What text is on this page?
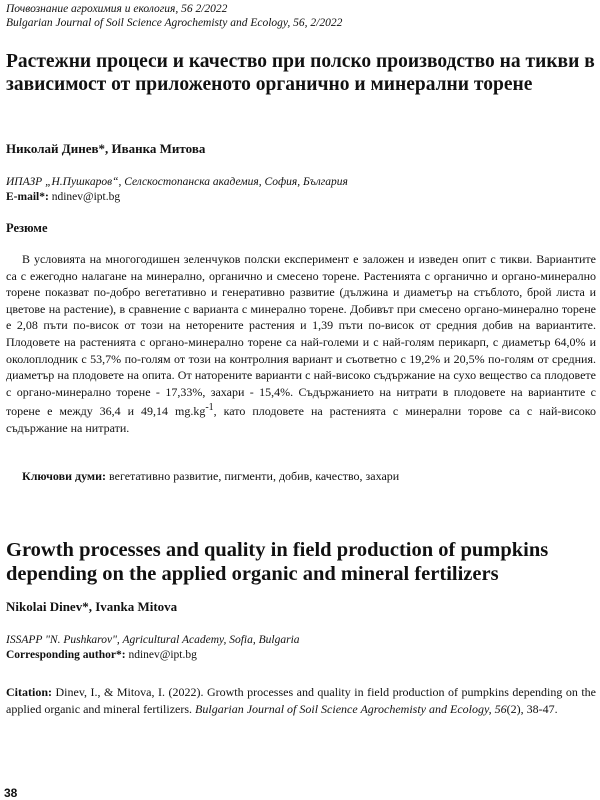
Почвознание агрохимия и екология, 56 2/2022
Bulgarian Journal of Soil Science Agrochemisty and Ecology, 56, 2/2022
Растежни процеси и качество при полско производство на тикви в зависимост от приложеното органично и минерални торене
Николай Динев*, Иванка Митова
ИПАЗР „Н.Пушкаров“, Селскостопанска академия, София, България
E-mail*: ndinev@ipt.bg
Резюме
В условията на многогодишен зеленчуков полски експеримент е заложен и изведен опит с тикви. Вариантите са с ежегодно налагане на минерално, органично и смесено торене. Растенията с органично и органо-минерално торене показват по-добро вегетативно и генеративно развитие (дължина и диаметър на стъблото, брой листа и цветове на растение), в сравнение с варианта с минерално торене. Добивът при смесено органо-минерално торене е 2,08 пъти по-висок от този на неторените растения и 1,39 пъти по-висок от средния добив на вариантите. Плодовете на растенията с органо-минерално торене са най-големи и с най-голям перикарп, с диаметър 64,0% и околоплодник с 53,7% по-голям от този на контролния вариант и съответно с 19,2% и 20,5% по-голям от средния. диаметър на плодовете на опита. От наторените варианти с най-високо съдържание на сухо вещество са плодовете с органо-минерално торене - 17,33%, захари - 15,4%. Съдържанието на нитрати в плодовете на вариантите с торене е между 36,4 и 49,14 $mg.kg^{-1}$, като плодовете на растенията с минерални торове са с най-високо съдържание на нитрати.
Ключови думи: вегетативно развитие, пигменти, добив, качество, захари
Growth processes and quality in field production of pumpkins depending on the applied organic and mineral fertilizers
Nikolai Dinev*, Ivanka Mitova
ISSAPP "N. Pushkarov", Agricultural Academy, Sofia, Bulgaria
Corresponding author*: ndinev@ipt.bg
Citation: Dinev, I., & Mitova, I. (2022). Growth processes and quality in field production of pumpkins depending on the applied organic and mineral fertilizers. Bulgarian Journal of Soil Science Agrochemisty and Ecology, 56(2), 38-47.
38
